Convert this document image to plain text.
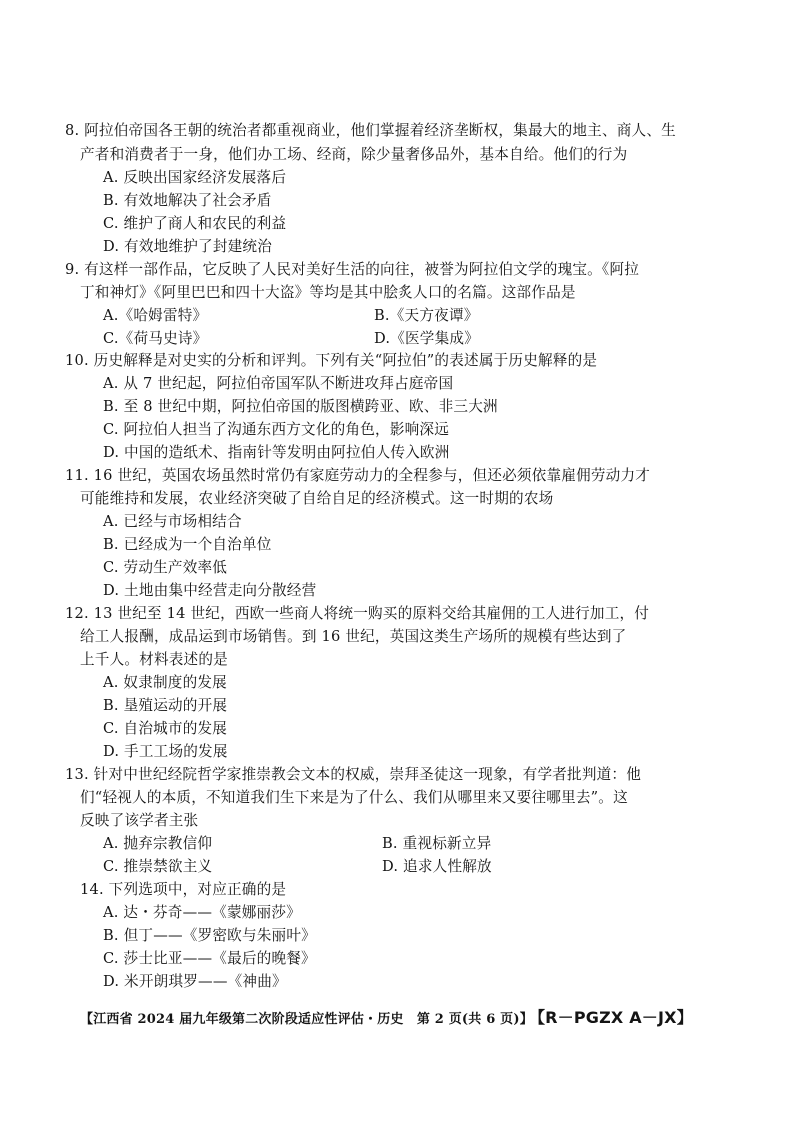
8. 阿拉伯帝国各王朝的统治者都重视商业，他们掌握着经济垄断权，集最大的地主、商人、生
产者和消费者于一身，他们办工场、经商，除少量奢侈品外，基本自给。他们的行为
A. 反映出国家经济发展落后
B. 有效地解决了社会矛盾
C. 维护了商人和农民的利益
D. 有效地维护了封建统治
9. 有这样一部作品，它反映了人民对美好生活的向往，被誉为阿拉伯文学的瑰宝。《阿拉
丁和神灯》《阿里巴巴和四十大盗》等均是其中脍炙人口的名篇。这部作品是
A.《哈姆雷特》	B.《天方夜谭》
C.《荷马史诗》	D.《医学集成》
10. 历史解释是对史实的分析和评判。下列有关“阿拉伯”的表述属于历史解释的是
A. 从 7 世纪起，阿拉伯帝国军队不断进攻拜占庭帝国
B. 至 8 世纪中期，阿拉伯帝国的版图横跨亚、欧、非三大洲
C. 阿拉伯人担当了沟通东西方文化的角色，影响深远
D. 中国的造纸术、指南针等发明由阿拉伯人传入欧洲
11. 16 世纪，英国农场虽然时常仍有家庭劳动力的全程参与，但还必须依靠雇佣劳动力才
可能维持和发展，农业经济突破了自给自足的经济模式。这一时期的农场
A. 已经与市场相结合
B. 已经成为一个自治单位
C. 劳动生产效率低
D. 土地由集中经营走向分散经营
12. 13 世纪至 14 世纪，西欧一些商人将统一购买的原料交给其雇佣的工人进行加工，付
给工人报酬，成品运到市场销售。到 16 世纪，英国这类生产场所的规模有些达到了
上千人。材料表述的是
A. 奴隶制度的发展
B. 垦殖运动的开展
C. 自治城市的发展
D. 手工工场的发展
13. 针对中世纪经院哲学家推崇教会文本的权威，崇拜圣徒这一现象，有学者批判道：他
们“轻视人的本质，不知道我们生下来是为了什么、我们从哪里来又要往哪里去”。这
反映了该学者主张
A. 抛弃宗教信仰	B. 重视标新立异
C. 推崇禁欲主义	D. 追求人性解放
14. 下列选项中，对应正确的是
A. 达・芬奇——《蒙娜丽莎》
B. 但丁——《罗密欧与朱丽叶》
C. 莎士比亚——《最后的晚餐》
D. 米开朗琪罗——《神曲》
【江西省 2024 届九年级第二次阶段适应性评估・历史　第 2 页(共 6 页)】 【R－PGZX A－JX】
